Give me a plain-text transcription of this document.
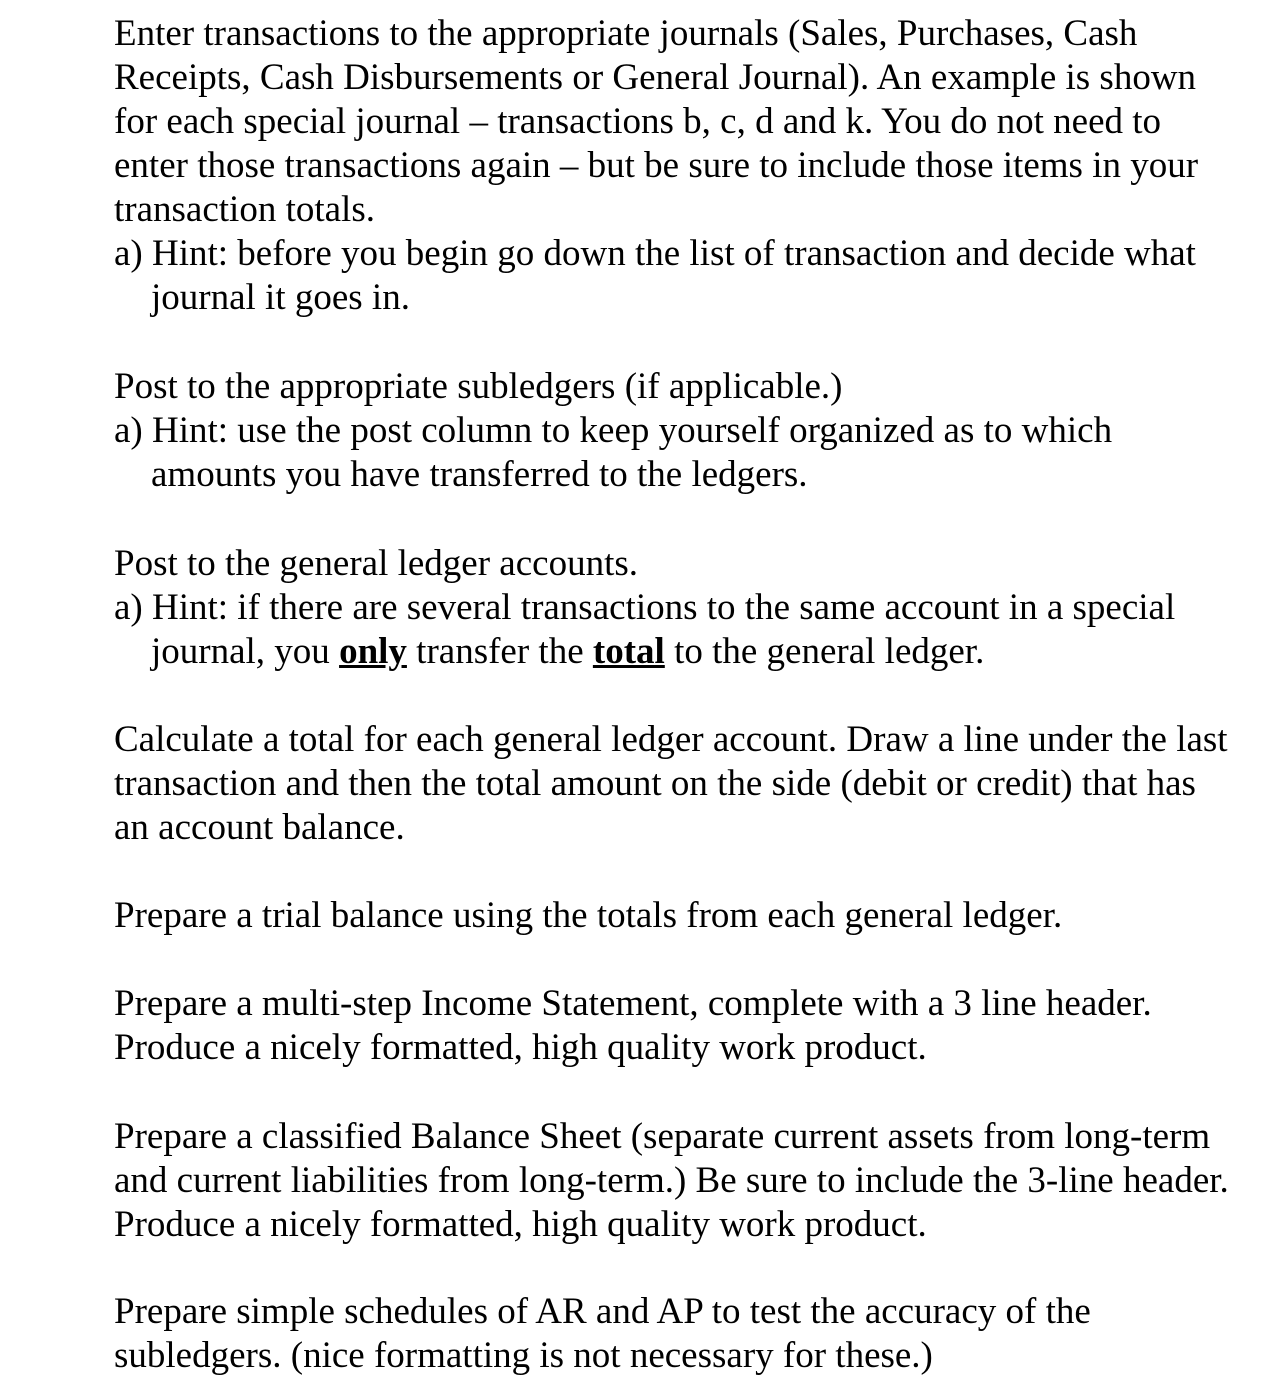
Enter transactions to the appropriate journals (Sales, Purchases, Cash Receipts, Cash Disbursements or General Journal). An example is shown for each special journal – transactions b, c, d and k. You do not need to enter those transactions again – but be sure to include those items in your transaction totals.

a) Hint: before you begin go down the list of transaction and decide what journal it goes in.

Post to the appropriate subledgers (if applicable.)

a) Hint: use the post column to keep yourself organized as to which amounts you have transferred to the ledgers.

Post to the general ledger accounts.

a) Hint: if there are several transactions to the same account in a special journal, you only transfer the total to the general ledger.

Calculate a total for each general ledger account. Draw a line under the last transaction and then the total amount on the side (debit or credit) that has an account balance.

Prepare a trial balance using the totals from each general ledger.

Prepare a multi-step Income Statement, complete with a 3 line header. Produce a nicely formatted, high quality work product.

Prepare a classified Balance Sheet (separate current assets from long-term and current liabilities from long-term.) Be sure to include the 3-line header. Produce a nicely formatted, high quality work product.

Prepare simple schedules of AR and AP to test the accuracy of the subledgers. (nice formatting is not necessary for these.)
